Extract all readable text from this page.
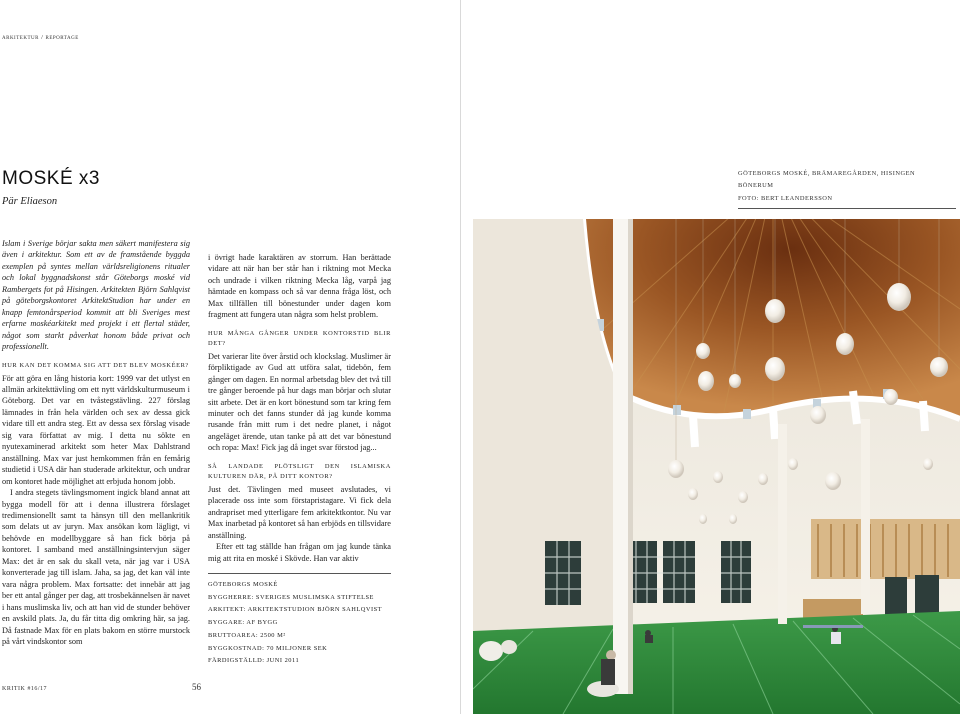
arkitektur / reportage
MOSKÉ x3
Pär Eliaeson

Islam i Sverige börjar sakta men säkert manifestera sig även i arkitektur. Som ett av de framstående byggda exemplen på syntes mellan världsreligionens ritualer och lokal byggnadskonst står Göteborgs moské vid Rambergets fot på Hisingen. Arkitekten Björn Sahlqvist på göteborgskontoret ArkitektStudion har under en knapp femtonårsperiod kommit att bli Sveriges mest erfarne moskéarkitekt med projekt i ett flertal städer, något som starkt påverkat honom både privat och professionellt.

HUR KAN DET KOMMA SIG ATT DET BLEV MOSKÉER?

För att göra en lång historia kort: 1999 var det utlyst en allmän arkitekttävling om ett nytt världskulturmuseum i Göteborg. Det var en tvåstegstävling. 227 förslag lämnades in från hela världen och sex av dessa gick vidare till ett andra steg. Ett av dessa sex förslag visade sig vara författat av mig. I detta nu sökte en nyutexaminerad arkitekt som heter Max Dahlstrand anställning. Max var just hemkommen från en femårig studietid i USA där han studerade arkitektur, och undrar om kontoret hade möjlighet att erbjuda honom jobb.

I andra stegets tävlingsmoment ingick bland annat att bygga modell för att i denna illustrera förslaget tredimensionellt samt ta hänsyn till den mellankritik som delats ut av juryn. Max ansökan kom lägligt, vi behövde en modellbyggare så han fick börja på kontoret. I samband med anställningsintervjun säger Max: det är en sak du skall veta, när jag var i USA konverterade jag till islam. Jaha, sa jag, det kan väl inte vara några problem. Max fortsatte: det innebär att jag ber ett antal gånger per dag, att trosbekännelsen är navet i hans muslimska liv, och att han vid de stunder behöver en avskild plats. Ja, du får titta dig omkring här, sa jag. Då fastnade Max för en plats bakom en större murstock på vårt vindskontor som

i övrigt hade karaktären av storrum. Han berättade vidare att när han ber står han i riktning mot Mecka och undrade i vilken riktning Mecka låg, varpå jag hämtade en kompass och så var denna fråga löst, och Max tillfällen till bönestunder under dagen kom fragment att fungera utan några som helst problem.

HUR MÅNGA GÅNGER UNDER KONTORSTID BLIR DET?

Det varierar lite över årstid och klockslag. Muslimer är förpliktigade av Gud att utföra salat, tidebön, fem gånger om dagen. En normal arbetsdag blev det två till tre gånger beroende på hur dags man börjar och slutar sitt arbete. Det är en kort bönestund som tar kring fem minuter och det fanns stunder då jag kunde komma rusande från mitt rum i det nedre planet, i något angeläget ärende, utan tanke på att det var bönestund och ropa: Max! Fick jag då inget svar förstod jag...

SÅ LANDADE PLÖTSLIGT DEN ISLAMISKA KULTUREN DÄR, PÅ DITT KONTOR?

Just det. Tävlingen med museet avslutades, vi placerade oss inte som förstapristagare. Vi fick dela andrapriset med ytterligare fem arkitektkontor. Nu var Max inarbetad på kontoret så han erbjöds en tillsvidare anställning.

Efter ett tag ställde han frågan om jag kunde tänka mig att rita en moské i Skövde. Han var aktiv

GÖTEBORGS MOSKÉ
BYGGHERRE: SVERIGES MUSLIMSKA STIFTELSE
ARKITEKT: ARKITEKTSTUDION BJÖRN SAHLQVIST
BYGGARE: AF BYGG
BRUTTOAREA: 2500 M²
BYGGKOSTNAD: 70 MILJONER SEK
FÄRDIGSTÄLLD: JUNI 2011
KRITIK #16/17	56
GÖTEBORGS MOSKÉ, BRÄMAREGÅRDEN, HISINGEN
BÖNERUM
FOTO: BERT LEANDERSSON
